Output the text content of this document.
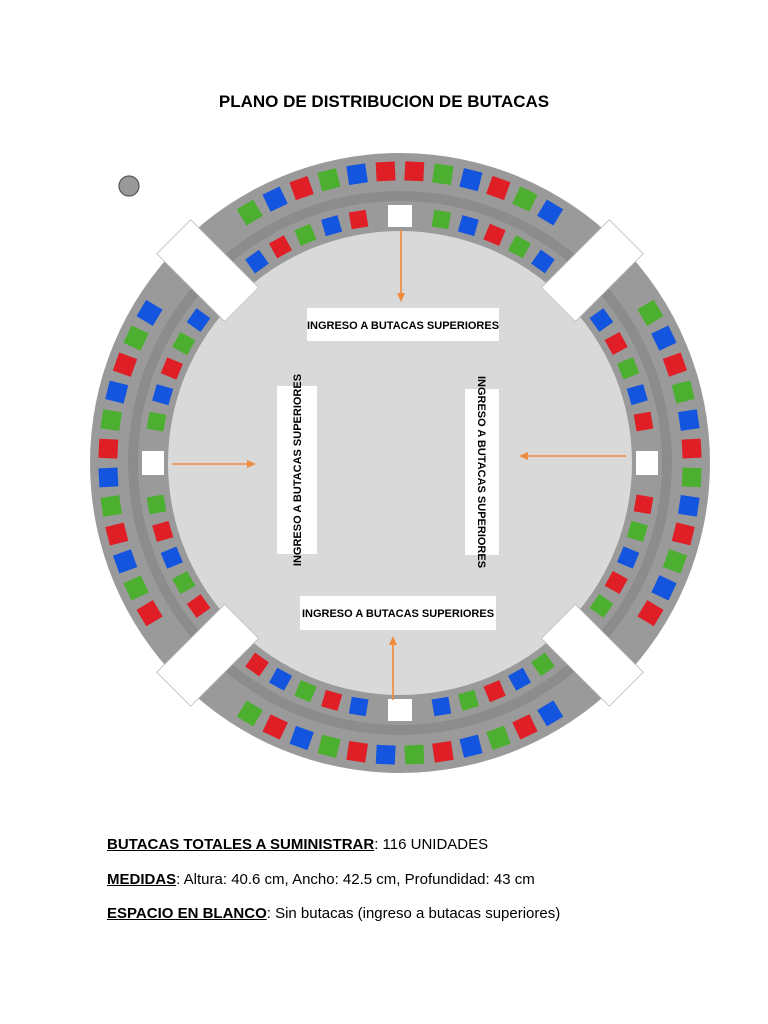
PLANO DE DISTRIBUCION DE BUTACAS
INGRESO A BUTACAS SUPERIORES
INGRESO A BUTACAS SUPERIORES
INGRESO A BUTACAS SUPERIORES	INGRESO A BUTACAS SUPERIORES
BUTACAS TOTALES A SUMINISTRAR: 116 UNIDADES
MEDIDAS: Altura: 40.6 cm, Ancho: 42.5 cm, Profundidad: 43 cm
ESPACIO EN BLANCO: Sin butacas (ingreso a butacas superiores)
